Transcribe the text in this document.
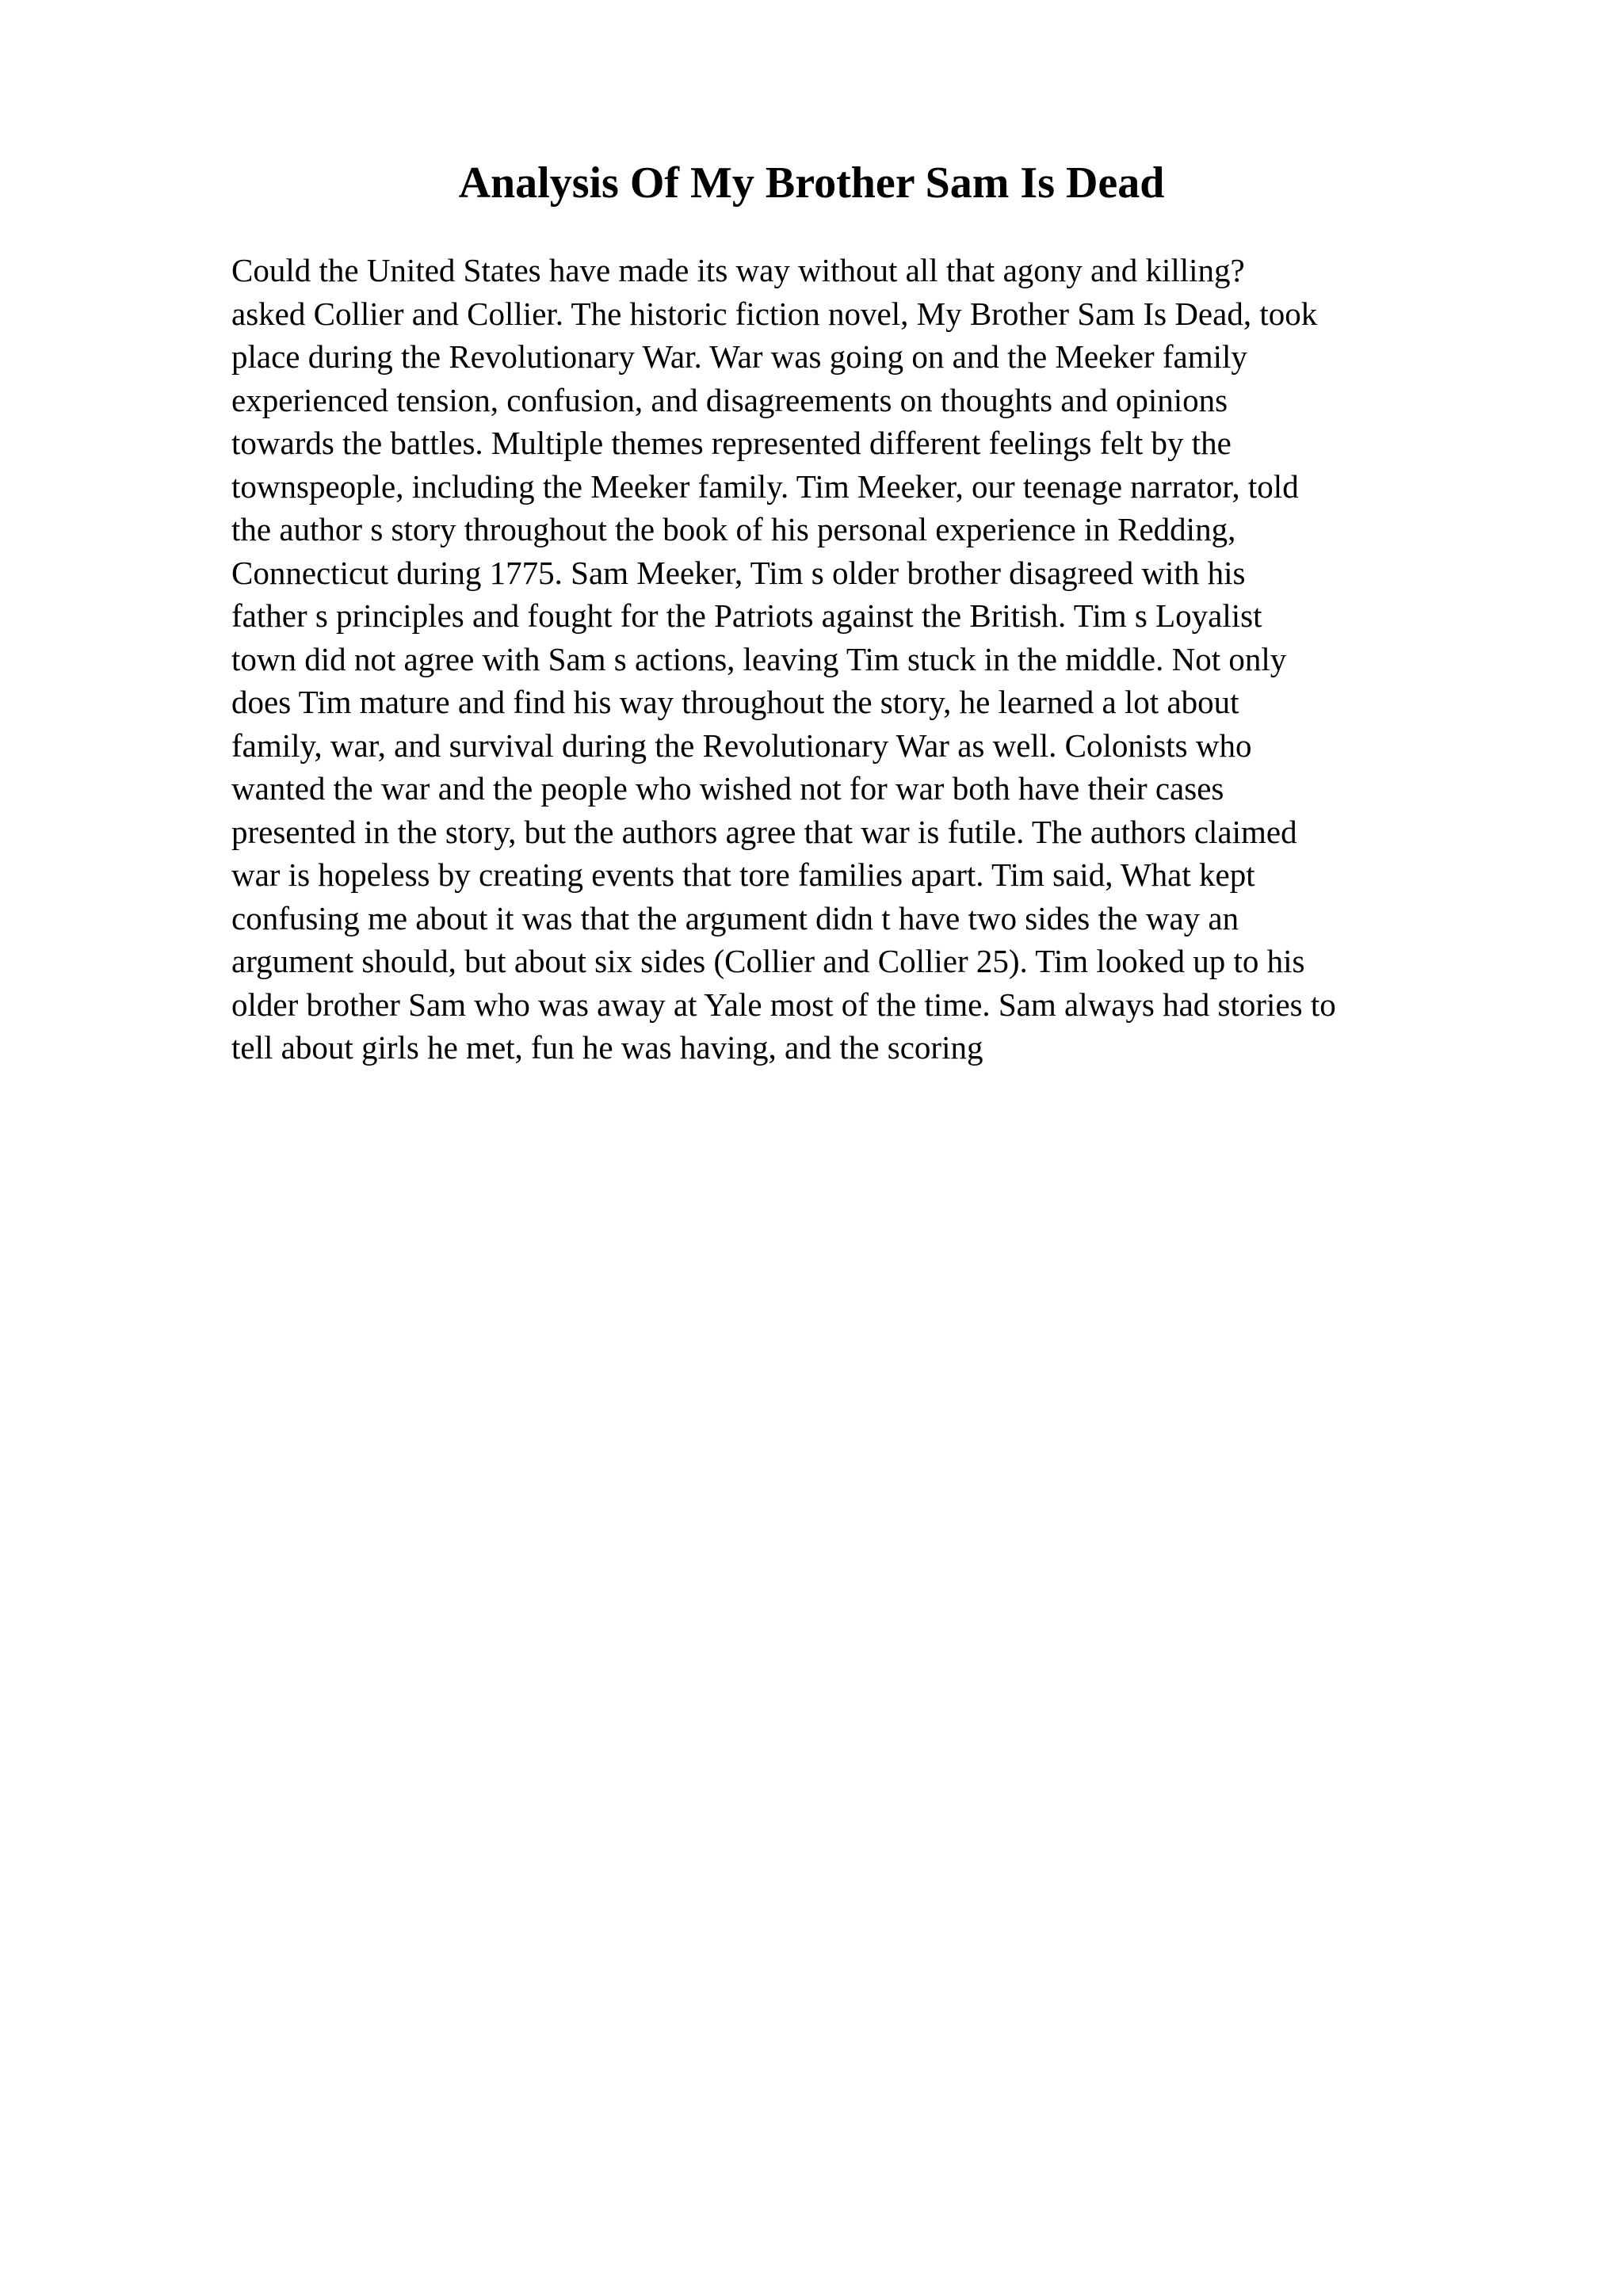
Analysis Of My Brother Sam Is Dead
Could the United States have made its way without all that agony and killing?
asked Collier and Collier. The historic fiction novel, My Brother Sam Is Dead, took
place during the Revolutionary War. War was going on and the Meeker family
experienced tension, confusion, and disagreements on thoughts and opinions
towards the battles. Multiple themes represented different feelings felt by the
townspeople, including the Meeker family. Tim Meeker, our teenage narrator, told
the author s story throughout the book of his personal experience in Redding,
Connecticut during 1775. Sam Meeker, Tim s older brother disagreed with his
father s principles and fought for the Patriots against the British. Tim s Loyalist
town did not agree with Sam s actions, leaving Tim stuck in the middle. Not only
does Tim mature and find his way throughout the story, he learned a lot about
family, war, and survival during the Revolutionary War as well. Colonists who
wanted the war and the people who wished not for war both have their cases
presented in the story, but the authors agree that war is futile. The authors claimed
war is hopeless by creating events that tore families apart. Tim said, What kept
confusing me about it was that the argument didn t have two sides the way an
argument should, but about six sides (Collier and Collier 25). Tim looked up to his
older brother Sam who was away at Yale most of the time. Sam always had stories to
tell about girls he met, fun he was having, and the scoring
